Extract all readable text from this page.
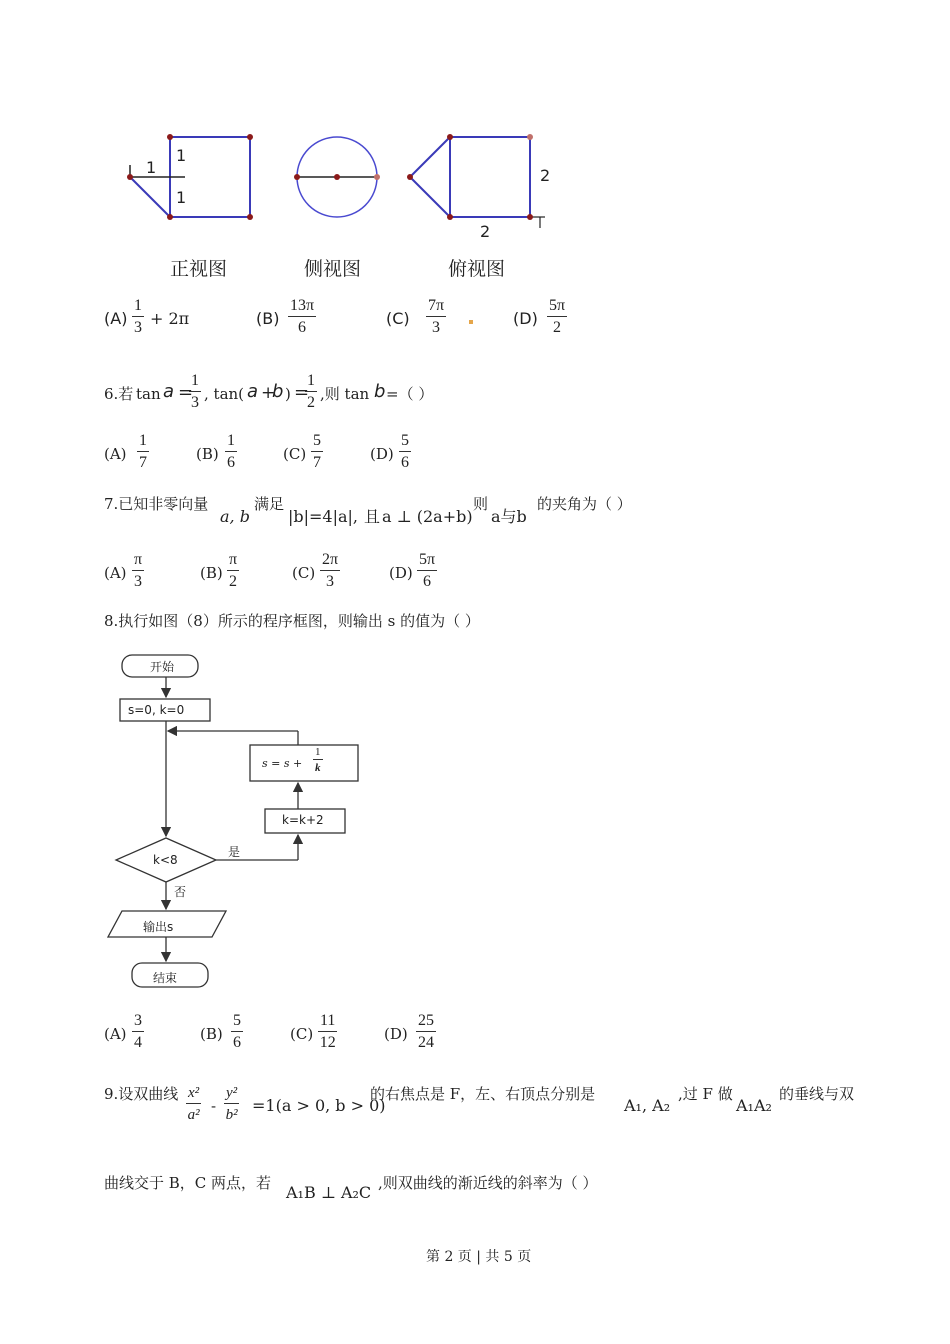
1
1
1
2
2
正视图	侧视图	俯视图
$(A) \frac{1}{3} + 2\pi$	$(B) \frac{13\pi}{6}$	$(C) \frac{7\pi}{3}$	$(D) \frac{5\pi}{2}$
6.若 tan a =
$\frac{1}{3}$ , tan( a +
b ) =
$\frac{1}{2}$ ,则 tan b =（ ）
$(A) \frac{1}{7}$	$(B) \frac{1}{6}$	$(C) \frac{5}{7}$	$(D) \frac{5}{6}$
7.已知非零向量
a, b
满足
|b|=4|a|, 且 a ⊥ (2a+b)
则
a与b
的夹角为（ ）
$(A) \frac{\pi}{3}$	$(B) \frac{\pi}{2}$	$(C) \frac{2\pi}{3}$	$(D) \frac{5\pi}{6}$
8.执行如图（8）所示的程序框图，则输出 s 的值为（ ）
开始
s=0, k=0
$s = s + \frac{1}{k}$
k=k+2
k<8
是
否
输出s
结束
$(A) \frac{3}{4}$	$(B) \frac{5}{6}$	$(C) \frac{11}{12}$	$(D) \frac{25}{24}$
9.设双曲线 $\frac{\text{x²}}{\text{a²}} - \frac{\text{y²}}{\text{b²}} =1(a > 0$, b > 0)
的右焦点是 F，左、右顶点分别是
A₁, A₂
,过 F 做
A₁A₂
的垂线与双
曲线交于 B，C 两点，若 A₁B ⊥ A₂C ,则双曲线的渐近线的斜率为（ ）
第 2 页 | 共 5 页
